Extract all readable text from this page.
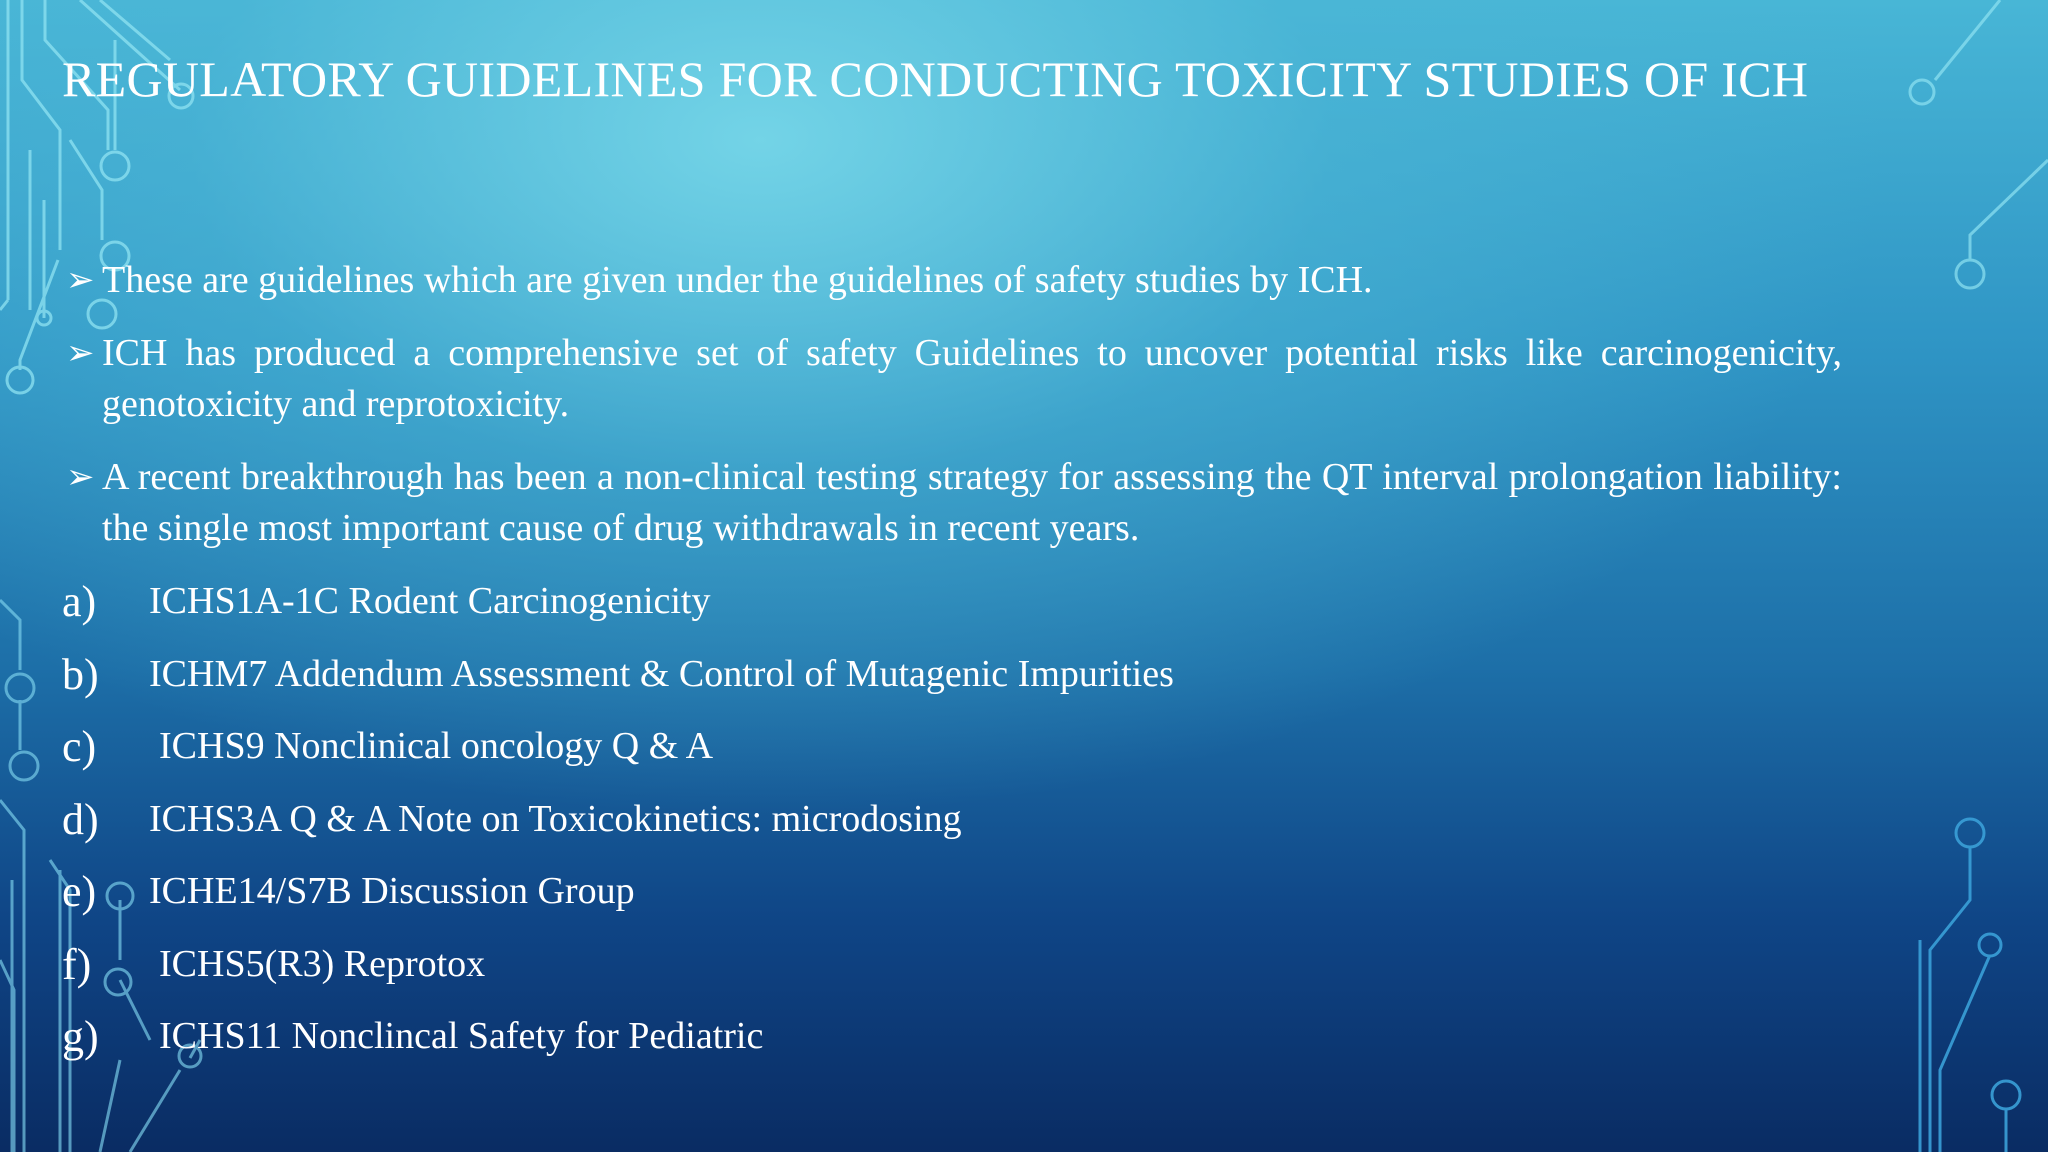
REGULATORY GUIDELINES FOR CONDUCTING TOXICITY STUDIES OF ICH

➢ These are guidelines which are given under the guidelines of safety studies by ICH.

➢ ICH has produced a comprehensive set of safety Guidelines to uncover potential risks like carcinogenicity, genotoxicity and reprotoxicity.

➢ A recent breakthrough has been a non-clinical testing strategy for assessing the QT interval prolongation liability: the single most important cause of drug withdrawals in recent years.

a) ICHS1A-1C Rodent Carcinogenicity
b) ICHM7 Addendum Assessment & Control of Mutagenic Impurities
c) ICHS9 Nonclinical oncology Q & A
d) ICHS3A Q & A Note on Toxicokinetics: microdosing
e) ICHE14/S7B Discussion Group
f) ICHS5(R3) Reprotox
g) ICHS11 Nonclincal Safety for Pediatric
